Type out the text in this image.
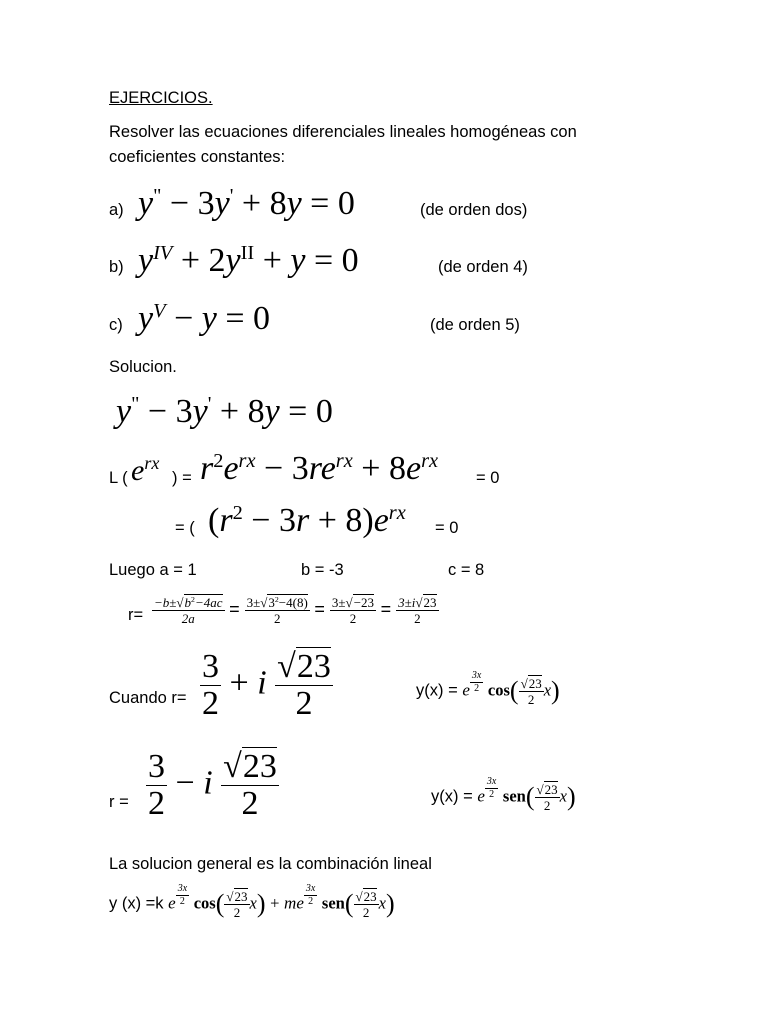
EJERCICIOS.
Resolver las ecuaciones diferenciales lineales homogéneas con
coeficientes constantes:
a) y" − 3y' + 8y = 0	(de orden dos)
b) $y^{IV} + 2y^{II} + y = 0$	(de orden 4)
c) $y^V - y = 0$	(de orden 5)
Solucion.
y" − 3y' + 8y = 0
L ( $e^{rx}$
) = $r^2e^{rx} - 3re^{rx} + 8e^{rx}$
= 0
= ( $(r^2 - 3r + 8)e^{rx}$
= 0
Luego a = 1	b = -3	c = 8
$r= \frac{-b\pm√b^2-4ac}{2a} = \frac{3\pm√3^2-4(8)}{2} = \frac{3\pm√-23}{2} = \frac{3\pm i√23}{2}$
Cuando $r= \frac{3}{2} + i \frac{√23}{2}$	y(x) = e $^{\frac{3x}{2}}$ $\cos( \frac{√23}{2} x)$
$r = \frac{3}{2} - i \frac{√23}{2}$	y(x) = e $^{\frac{3x}{2}}$ $sen( \frac{√23}{2} x)$
La solucion general es la combinación lineal
y (x) =k e $^{\frac{3x}{2}}$ $\cos( \frac{√23}{2} x)$ + me $^{\frac{3x}{2}}$ $sen( \frac{√23}{2} x)$
